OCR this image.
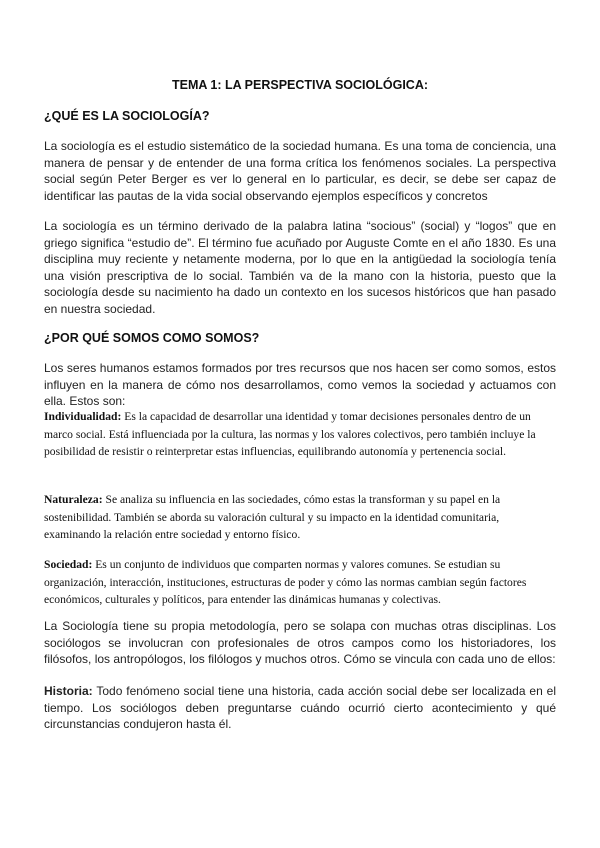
TEMA 1: LA PERSPECTIVA SOCIOLÓGICA:
¿QUÉ ES LA SOCIOLOGÍA?

La sociología es el estudio sistemático de la sociedad humana. Es una toma de conciencia, una manera de pensar y de entender de una forma crítica los fenómenos sociales. La perspectiva social según Peter Berger es ver lo general en lo particular, es decir, se debe ser capaz de identificar las pautas de la vida social observando ejemplos específicos y concretos

La sociología es un término derivado de la palabra latina “socious” (social) y “logos” que en griego significa “estudio de”. El término fue acuñado por Auguste Comte en el año 1830. Es una disciplina muy reciente y netamente moderna, por lo que en la antigüedad la sociología tenía una visión prescriptiva de lo social. También va de la mano con la historia, puesto que la sociología desde su nacimiento ha dado un contexto en los sucesos históricos que han pasado en nuestra sociedad.

¿POR QUÉ SOMOS COMO SOMOS?

Los seres humanos estamos formados por tres recursos que nos hacen ser como somos, estos influyen en la manera de cómo nos desarrollamos, como vemos la sociedad y actuamos con ella. Estos son:

Individualidad: Es la capacidad de desarrollar una identidad y tomar decisiones personales dentro de un marco social. Está influenciada por la cultura, las normas y los valores colectivos, pero también incluye la posibilidad de resistir o reinterpretar estas influencias, equilibrando autonomía y pertenencia social.

Naturaleza: Se analiza su influencia en las sociedades, cómo estas la transforman y su papel en la sostenibilidad. También se aborda su valoración cultural y su impacto en la identidad comunitaria, examinando la relación entre sociedad y entorno físico.

Sociedad: Es un conjunto de individuos que comparten normas y valores comunes. Se estudian su organización, interacción, instituciones, estructuras de poder y cómo las normas cambian según factores económicos, culturales y políticos, para entender las dinámicas humanas y colectivas.

La Sociología tiene su propia metodología, pero se solapa con muchas otras disciplinas. Los sociólogos se involucran con profesionales de otros campos como los historiadores, los filósofos, los antropólogos, los filólogos y muchos otros. Cómo se vincula con cada uno de ellos:

Historia: Todo fenómeno social tiene una historia, cada acción social debe ser localizada en el tiempo. Los sociólogos deben preguntarse cuándo ocurrió cierto acontecimiento y qué circunstancias condujeron hasta él.
